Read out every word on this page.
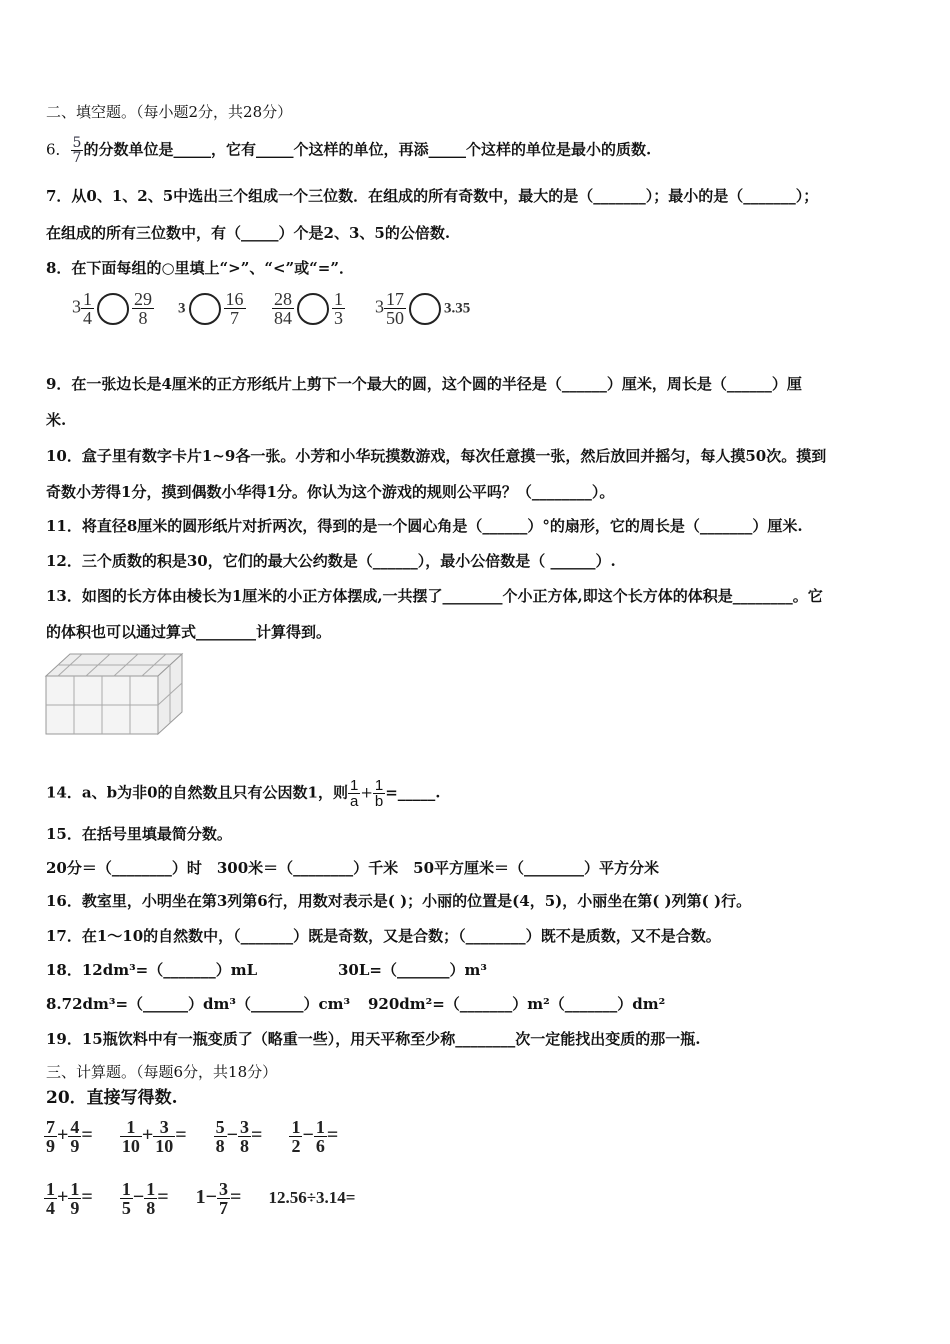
二、填空题。（每小题2分，共28分）
6． $\frac{5}{7}$ 的分数单位是_____，它有_____个这样的单位，再添_____个这样的单位是最小的质数.
7．从0、1、2、5中选出三个组成一个三位数．在组成的所有奇数中，最大的是（_______）；最小的是（_______）；
在组成的所有三位数中，有（_____）个是2、3、5的公倍数.
8．在下面每组的○里填上“>”、“<”或“=”．
$3 \frac{1}{4} \frac{29}{8} 3 \frac{16}{7} \frac{28}{84} \frac{1}{3} 3 \frac{17}{50}$	3.35
9．在一张边长是4厘米的正方形纸片上剪下一个最大的圆，这个圆的半径是（______）厘米，周长是（______）厘
米.
10．盒子里有数字卡片1~9各一张。小芳和小华玩摸数游戏，每次任意摸一张，然后放回并摇匀，每人摸50次。摸到
奇数小芳得1分，摸到偶数小华得1分。你认为这个游戏的规则公平吗？（________）。
11．将直径8厘米的圆形纸片对折两次，得到的是一个圆心角是（______）°的扇形，它的周长是（_______）厘米.
12．三个质数的积是30，它们的最大公约数是（______），最小公倍数是（ ______）.
13．如图的长方体由棱长为1厘米的小正方体摆成,一共摆了________个小正方体,即这个长方体的体积是________。它
的体积也可以通过算式________计算得到。
14．a、b为非0的自然数且只有公因数1，则 $\frac{1}{a} + \frac{1}{b}$ =_____.
15．在括号里填最简分数。
20分＝（________）时　300米＝（________）千米　50平方厘米＝（________）平方分米
16．教室里，小明坐在第3列第6行，用数对表示是( )；小丽的位置是(4，5)，小丽坐在第( )列第( )行。
17．在1～10的自然数中，（_______）既是奇数，又是合数；（________）既不是质数，又不是合数。
18．12dm³=（_______）mL	30L=（_______）m³
8.72dm³=（______）dm³（_______）cm³ 920dm²=（_______）m²（_______）dm²
19．15瓶饮料中有一瓶变质了（略重一些），用天平称至少称________次一定能找出变质的那一瓶.
三、计算题。（每题6分，共18分）
20．直接写得数.
$\frac{7}{9} + \frac{4}{9} = \frac{1}{10} + \frac{3}{10} = \frac{5}{8} - \frac{3}{8} = \frac{1}{2} - \frac{1}{6}$ =
$\frac{1}{4} + \frac{1}{9} = \frac{1}{5} - \frac{1}{8} = 1- \frac{3}{7} = 12.56\div 3.14=$
